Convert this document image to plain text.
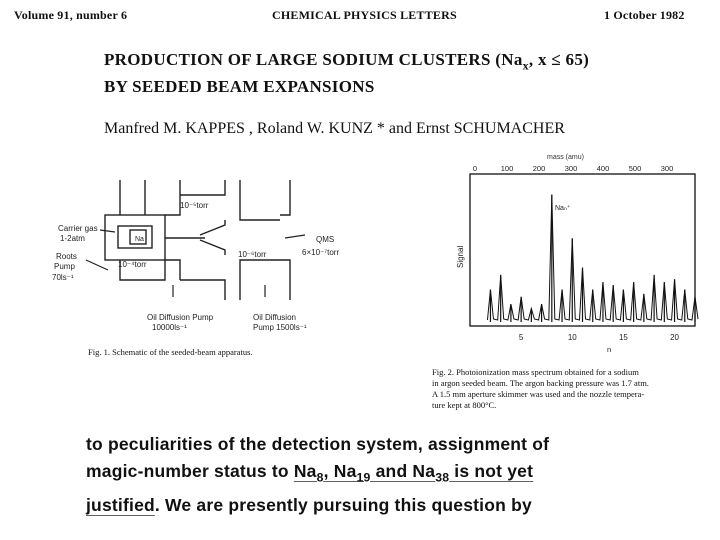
Volume 91, number 6	CHEMICAL PHYSICS LETTERS	1 October 1982
PRODUCTION OF LARGE SODIUM CLUSTERS ($Na_x$, x ≤ 65)
BY SEEDED BEAM EXPANSIONS
Manfred M. KAPPES , Roland W. KUNZ * and Ernst SCHUMACHER
Carrier gas
1-2atm	Na
Roots
Pump
70ls⁻¹
10⁻⁵torr
10⁻⁴torr
10⁻⁶torr
QMS
6×10⁻⁷torr
Oil Diffusion Pump
10000ls⁻¹
Oil Diffusion
Pump 1500ls⁻¹
Fig. 1. Schematic of the seeded-beam apparatus.
mass (amu)
0	100	200	300	400	500	300
Signal
Naₙ⁺
5	10	15	20
n
Fig. 2. Photoionization mass spectrum obtained for a sodium
in argon seeded beam. The argon backing pressure was 1.7 atm.
A 1.5 mm aperture skimmer was used and the nozzle tempera-
ture kept at 800°C.
to peculiarities of the detection system, assignment of
magic-number status to $Na_8$, $Na_{19}$ and $Na_{38}$ is not yet
justified. We are presently pursuing this question by
